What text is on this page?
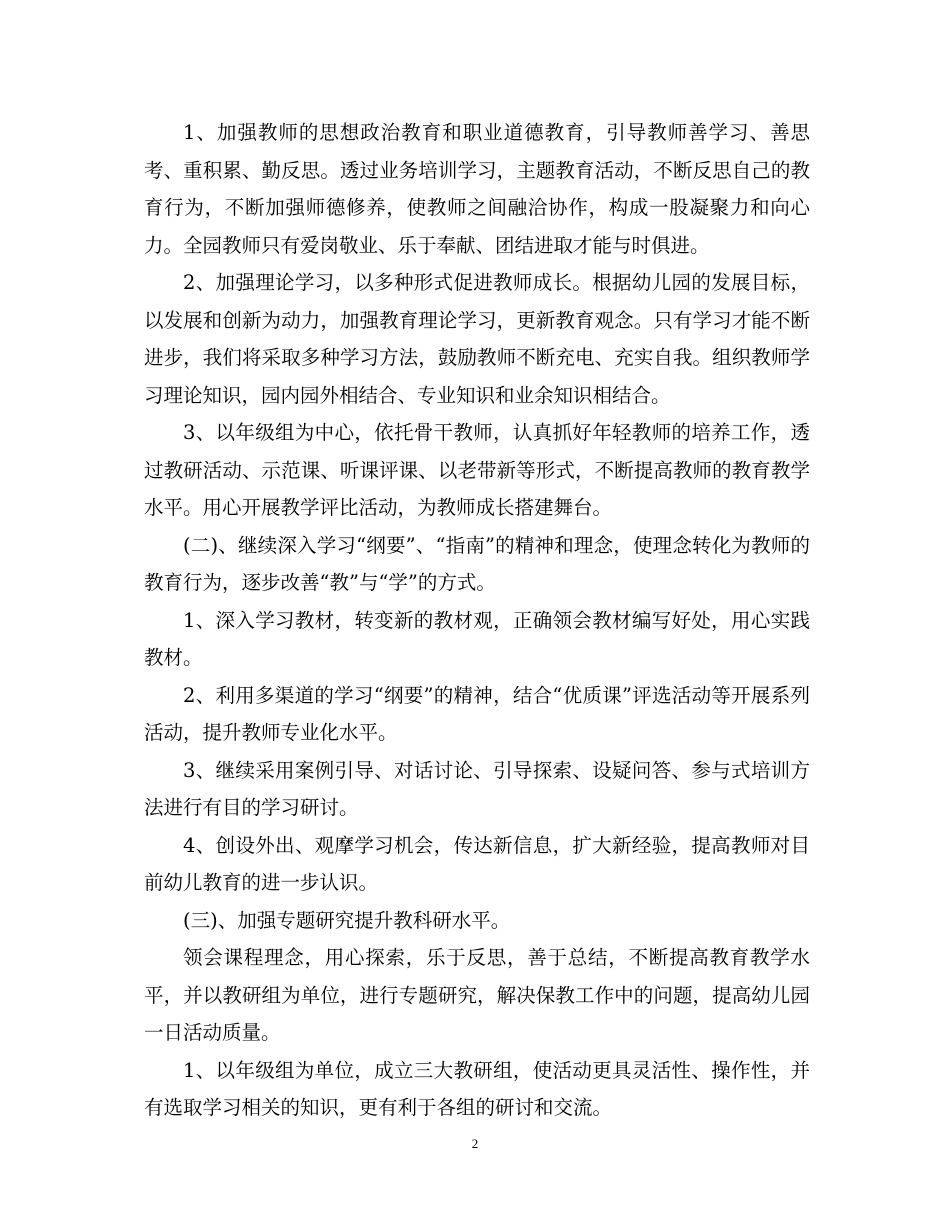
1、加强教师的思想政治教育和职业道德教育，引导教师善学习、善思考、重积累、勤反思。透过业务培训学习，主题教育活动，不断反思自己的教育行为，不断加强师德修养，使教师之间融洽协作，构成一股凝聚力和向心力。全园教师只有爱岗敬业、乐于奉献、团结进取才能与时俱进。

2、加强理论学习，以多种形式促进教师成长。根据幼儿园的发展目标，以发展和创新为动力，加强教育理论学习，更新教育观念。只有学习才能不断进步，我们将采取多种学习方法，鼓励教师不断充电、充实自我。组织教师学习理论知识，园内园外相结合、专业知识和业余知识相结合。

3、以年级组为中心，依托骨干教师，认真抓好年轻教师的培养工作，透过教研活动、示范课、听课评课、以老带新等形式，不断提高教师的教育教学水平。用心开展教学评比活动，为教师成长搭建舞台。

(二)、继续深入学习“纲要”、“指南”的精神和理念，使理念转化为教师的教育行为，逐步改善“教”与“学”的方式。

1、深入学习教材，转变新的教材观，正确领会教材编写好处，用心实践教材。

2、利用多渠道的学习“纲要”的精神，结合“优质课”评选活动等开展系列活动，提升教师专业化水平。

3、继续采用案例引导、对话讨论、引导探索、设疑问答、参与式培训方法进行有目的学习研讨。

4、创设外出、观摩学习机会，传达新信息，扩大新经验，提高教师对目前幼儿教育的进一步认识。

(三)、加强专题研究提升教科研水平。

领会课程理念，用心探索，乐于反思，善于总结，不断提高教育教学水平，并以教研组为单位，进行专题研究，解决保教工作中的问题，提高幼儿园一日活动质量。

1、以年级组为单位，成立三大教研组，使活动更具灵活性、操作性，并有选取学习相关的知识，更有利于各组的研讨和交流。

2
